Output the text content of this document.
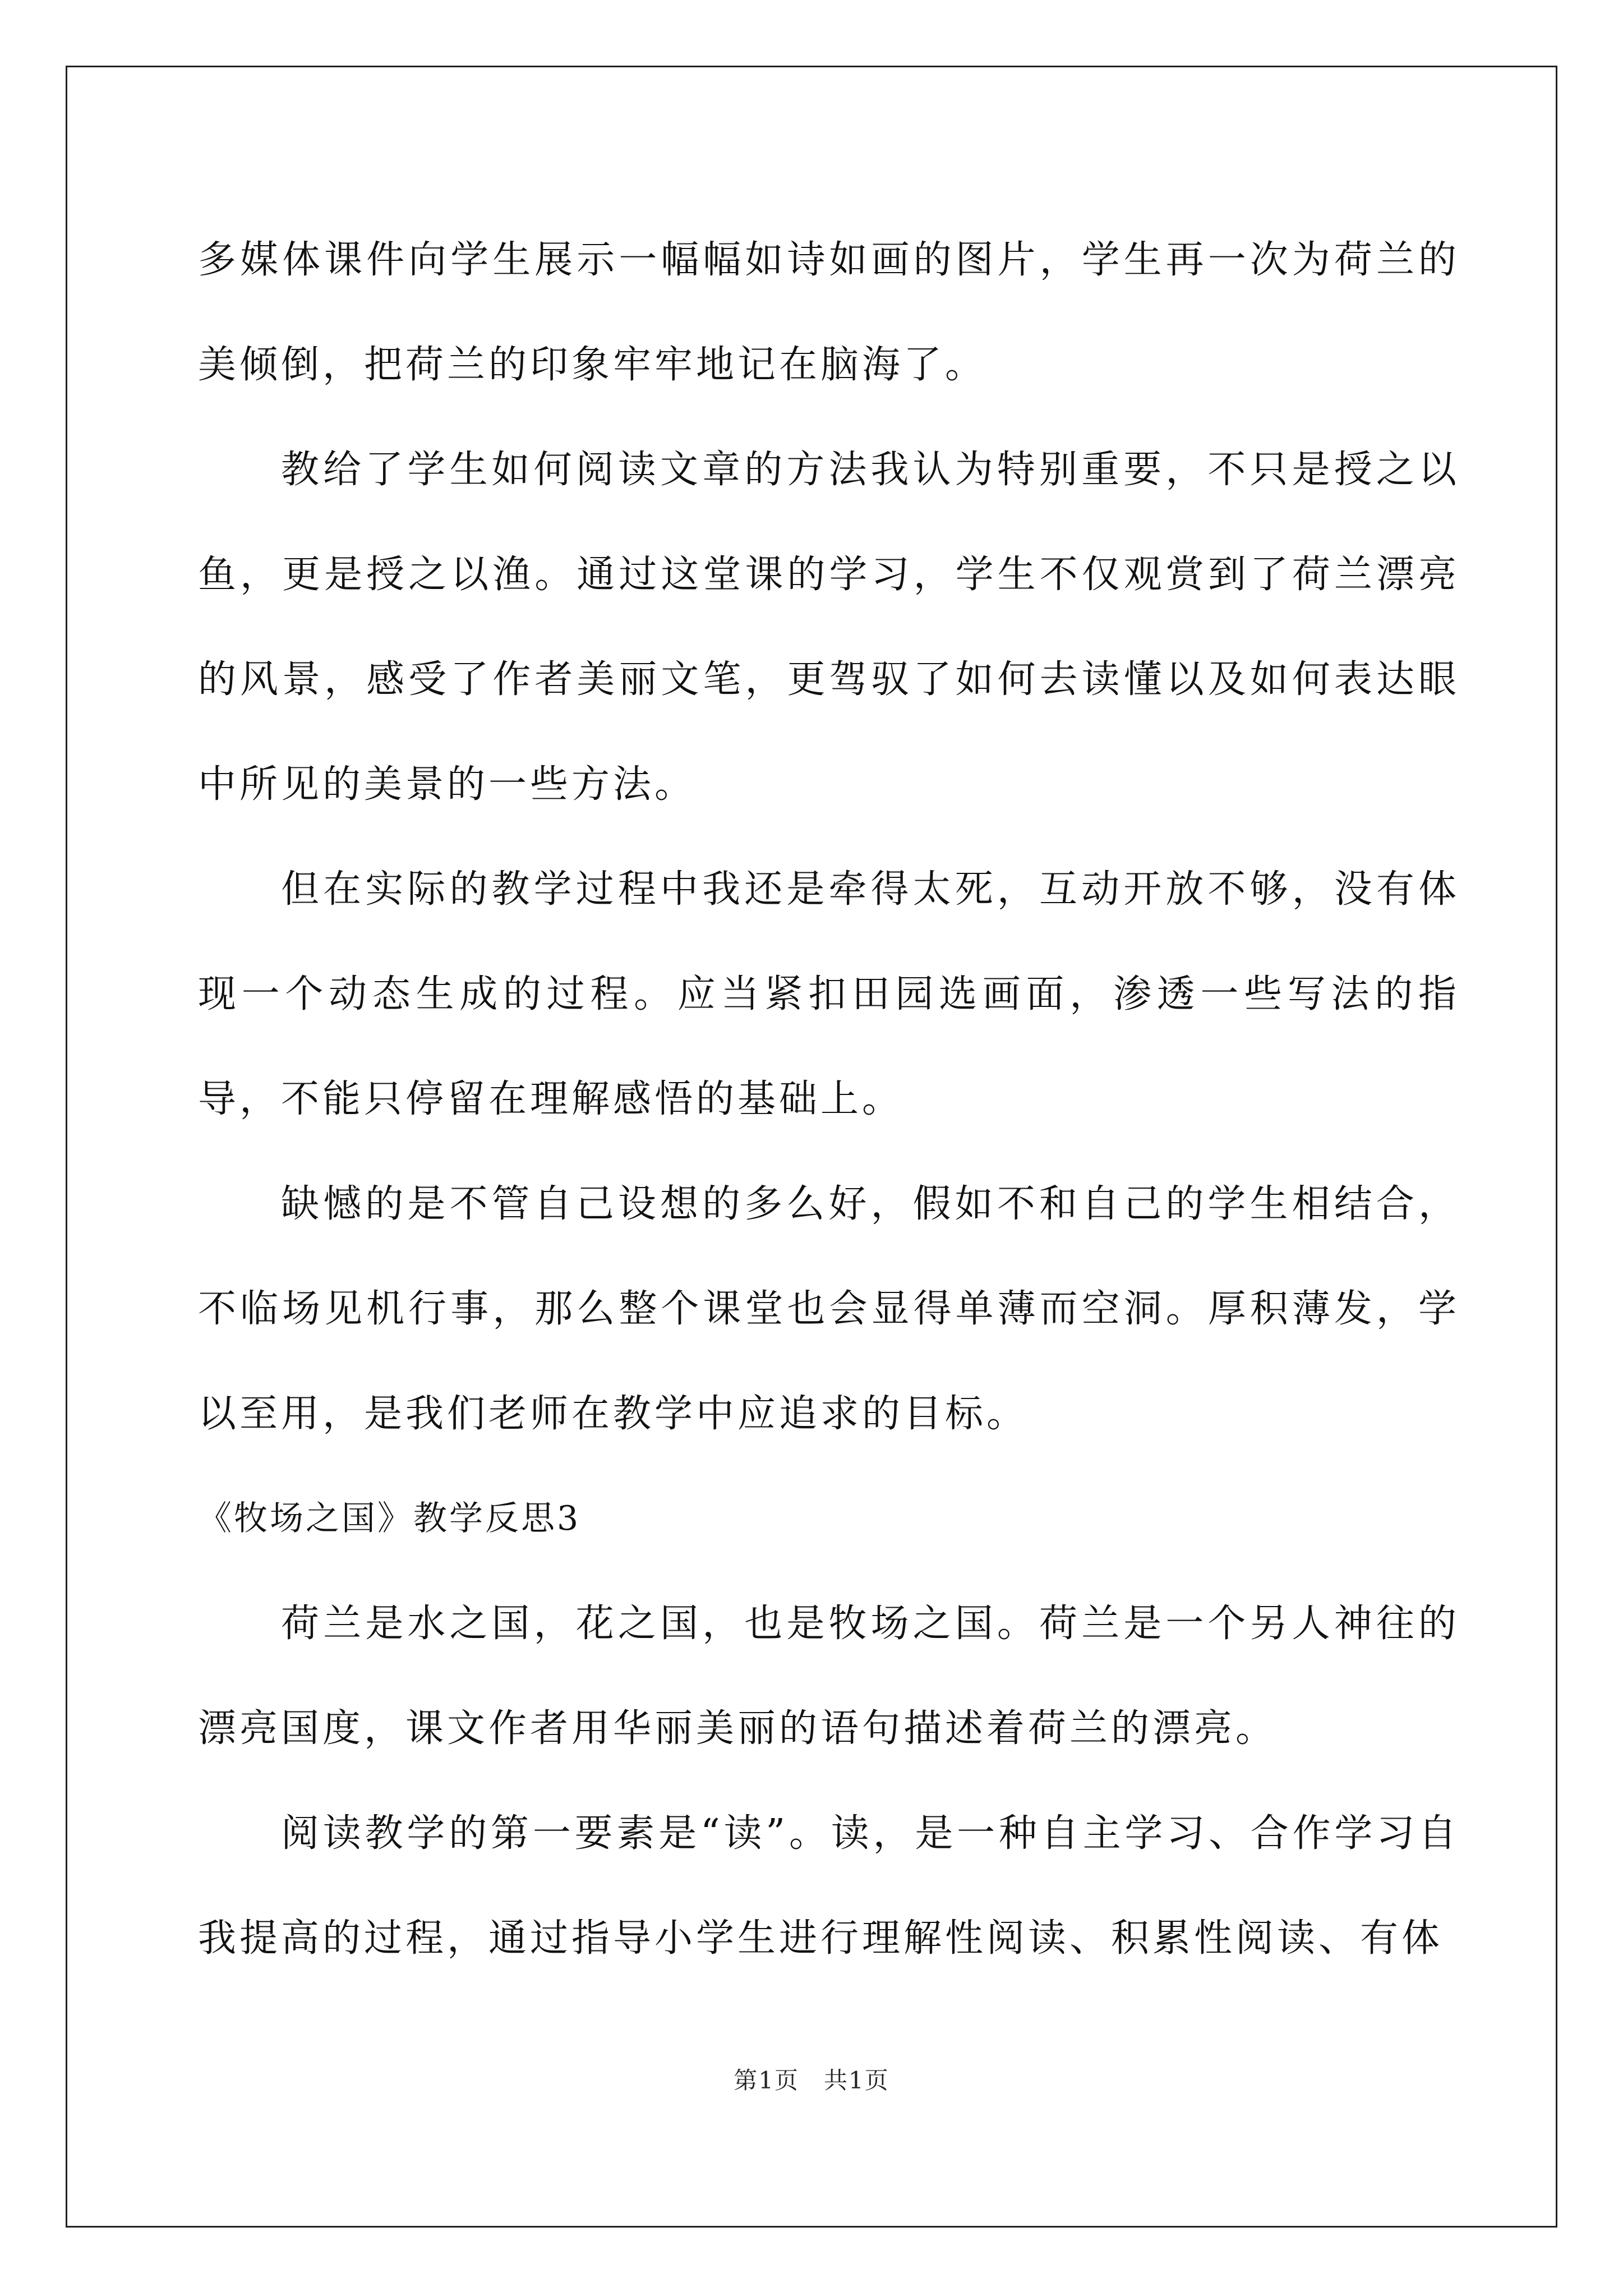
多媒体课件向学生展示一幅幅如诗如画的图片，学生再一次为荷兰的美倾倒，把荷兰的印象牢牢地记在脑海了。

教给了学生如何阅读文章的方法我认为特别重要，不只是授之以鱼，更是授之以渔。通过这堂课的学习，学生不仅观赏到了荷兰漂亮的风景，感受了作者美丽文笔，更驾驭了如何去读懂以及如何表达眼中所见的美景的一些方法。

但在实际的教学过程中我还是牵得太死，互动开放不够，没有体现一个动态生成的过程。应当紧扣田园选画面，渗透一些写法的指导，不能只停留在理解感悟的基础上。

缺憾的是不管自己设想的多么好，假如不和自己的学生相结合，不临场见机行事，那么整个课堂也会显得单薄而空洞。厚积薄发，学以至用，是我们老师在教学中应追求的目标。

《牧场之国》教学反思3

荷兰是水之国，花之国，也是牧场之国。荷兰是一个另人神往的漂亮国度，课文作者用华丽美丽的语句描述着荷兰的漂亮。

阅读教学的第一要素是“读”。读，是一种自主学习、合作学习自我提高的过程，通过指导小学生进行理解性阅读、积累性阅读、有体

第1页 共1页
